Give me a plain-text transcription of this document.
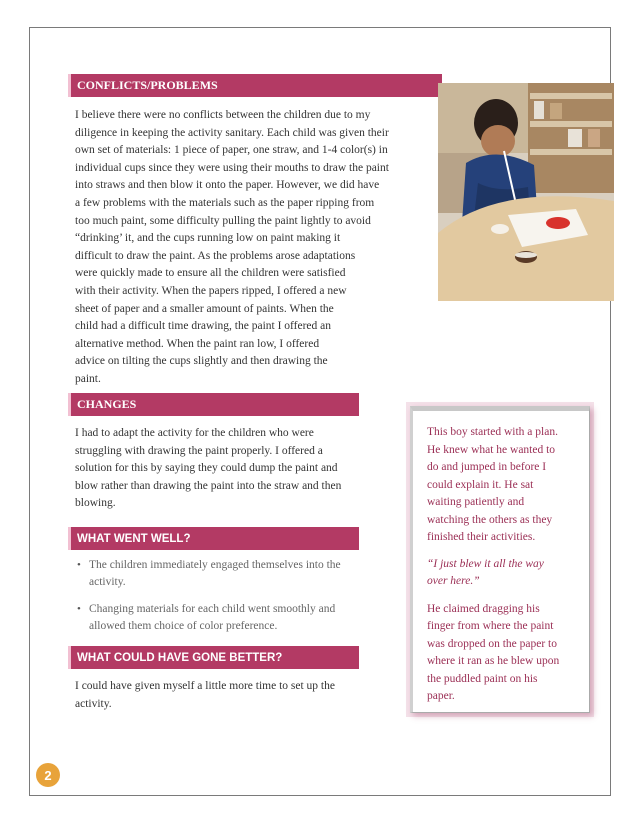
CONFLICTS/PROBLEMS
I believe there were no conflicts between the children due to my
diligence in keeping the activity sanitary. Each child was given their
own set of materials: 1 piece of paper, one straw, and 1-4 color(s) in
individual cups since they were using their mouths to draw the paint
into straws and then blow it onto the paper. However, we did have
a few problems with the materials such as the paper ripping from
too much paint, some difficulty pulling the paint lightly to avoid
“drinking’ it, and the cups running low on paint making it
difficult to draw the paint. As the problems arose adaptations
were quickly made to ensure all the children were satisfied
with their activity. When the papers ripped, I offered a new
sheet of paper and a smaller amount of paints. When the
child had a difficult time drawing, the paint I offered an
alternative method. When the paint ran low, I offered
advice on tilting the cups slightly and then drawing the
paint.
CHANGES
I had to adapt the activity for the children who were
struggling with drawing the paint properly. I offered a
solution for this by saying they could dump the paint and
blow rather than drawing the paint into the straw and then
blowing.
WHAT WENT WELL?
• The children immediately engaged themselves into the
activity.
• Changing materials for each child went smoothly and
allowed them choice of color preference.
WHAT COULD HAVE GONE BETTER?
I could have given myself a little more time to set up the
activity.

This boy started with a plan.
He knew what he wanted to
do and jumped in before I
could explain it. He sat
waiting patiently and
watching the others as they
finished their activities.

“I just blew it all the way
over here.”

He claimed dragging his
finger from where the paint
was dropped on the paper to
where it ran as he blew upon
the puddled paint on his
paper.

2
